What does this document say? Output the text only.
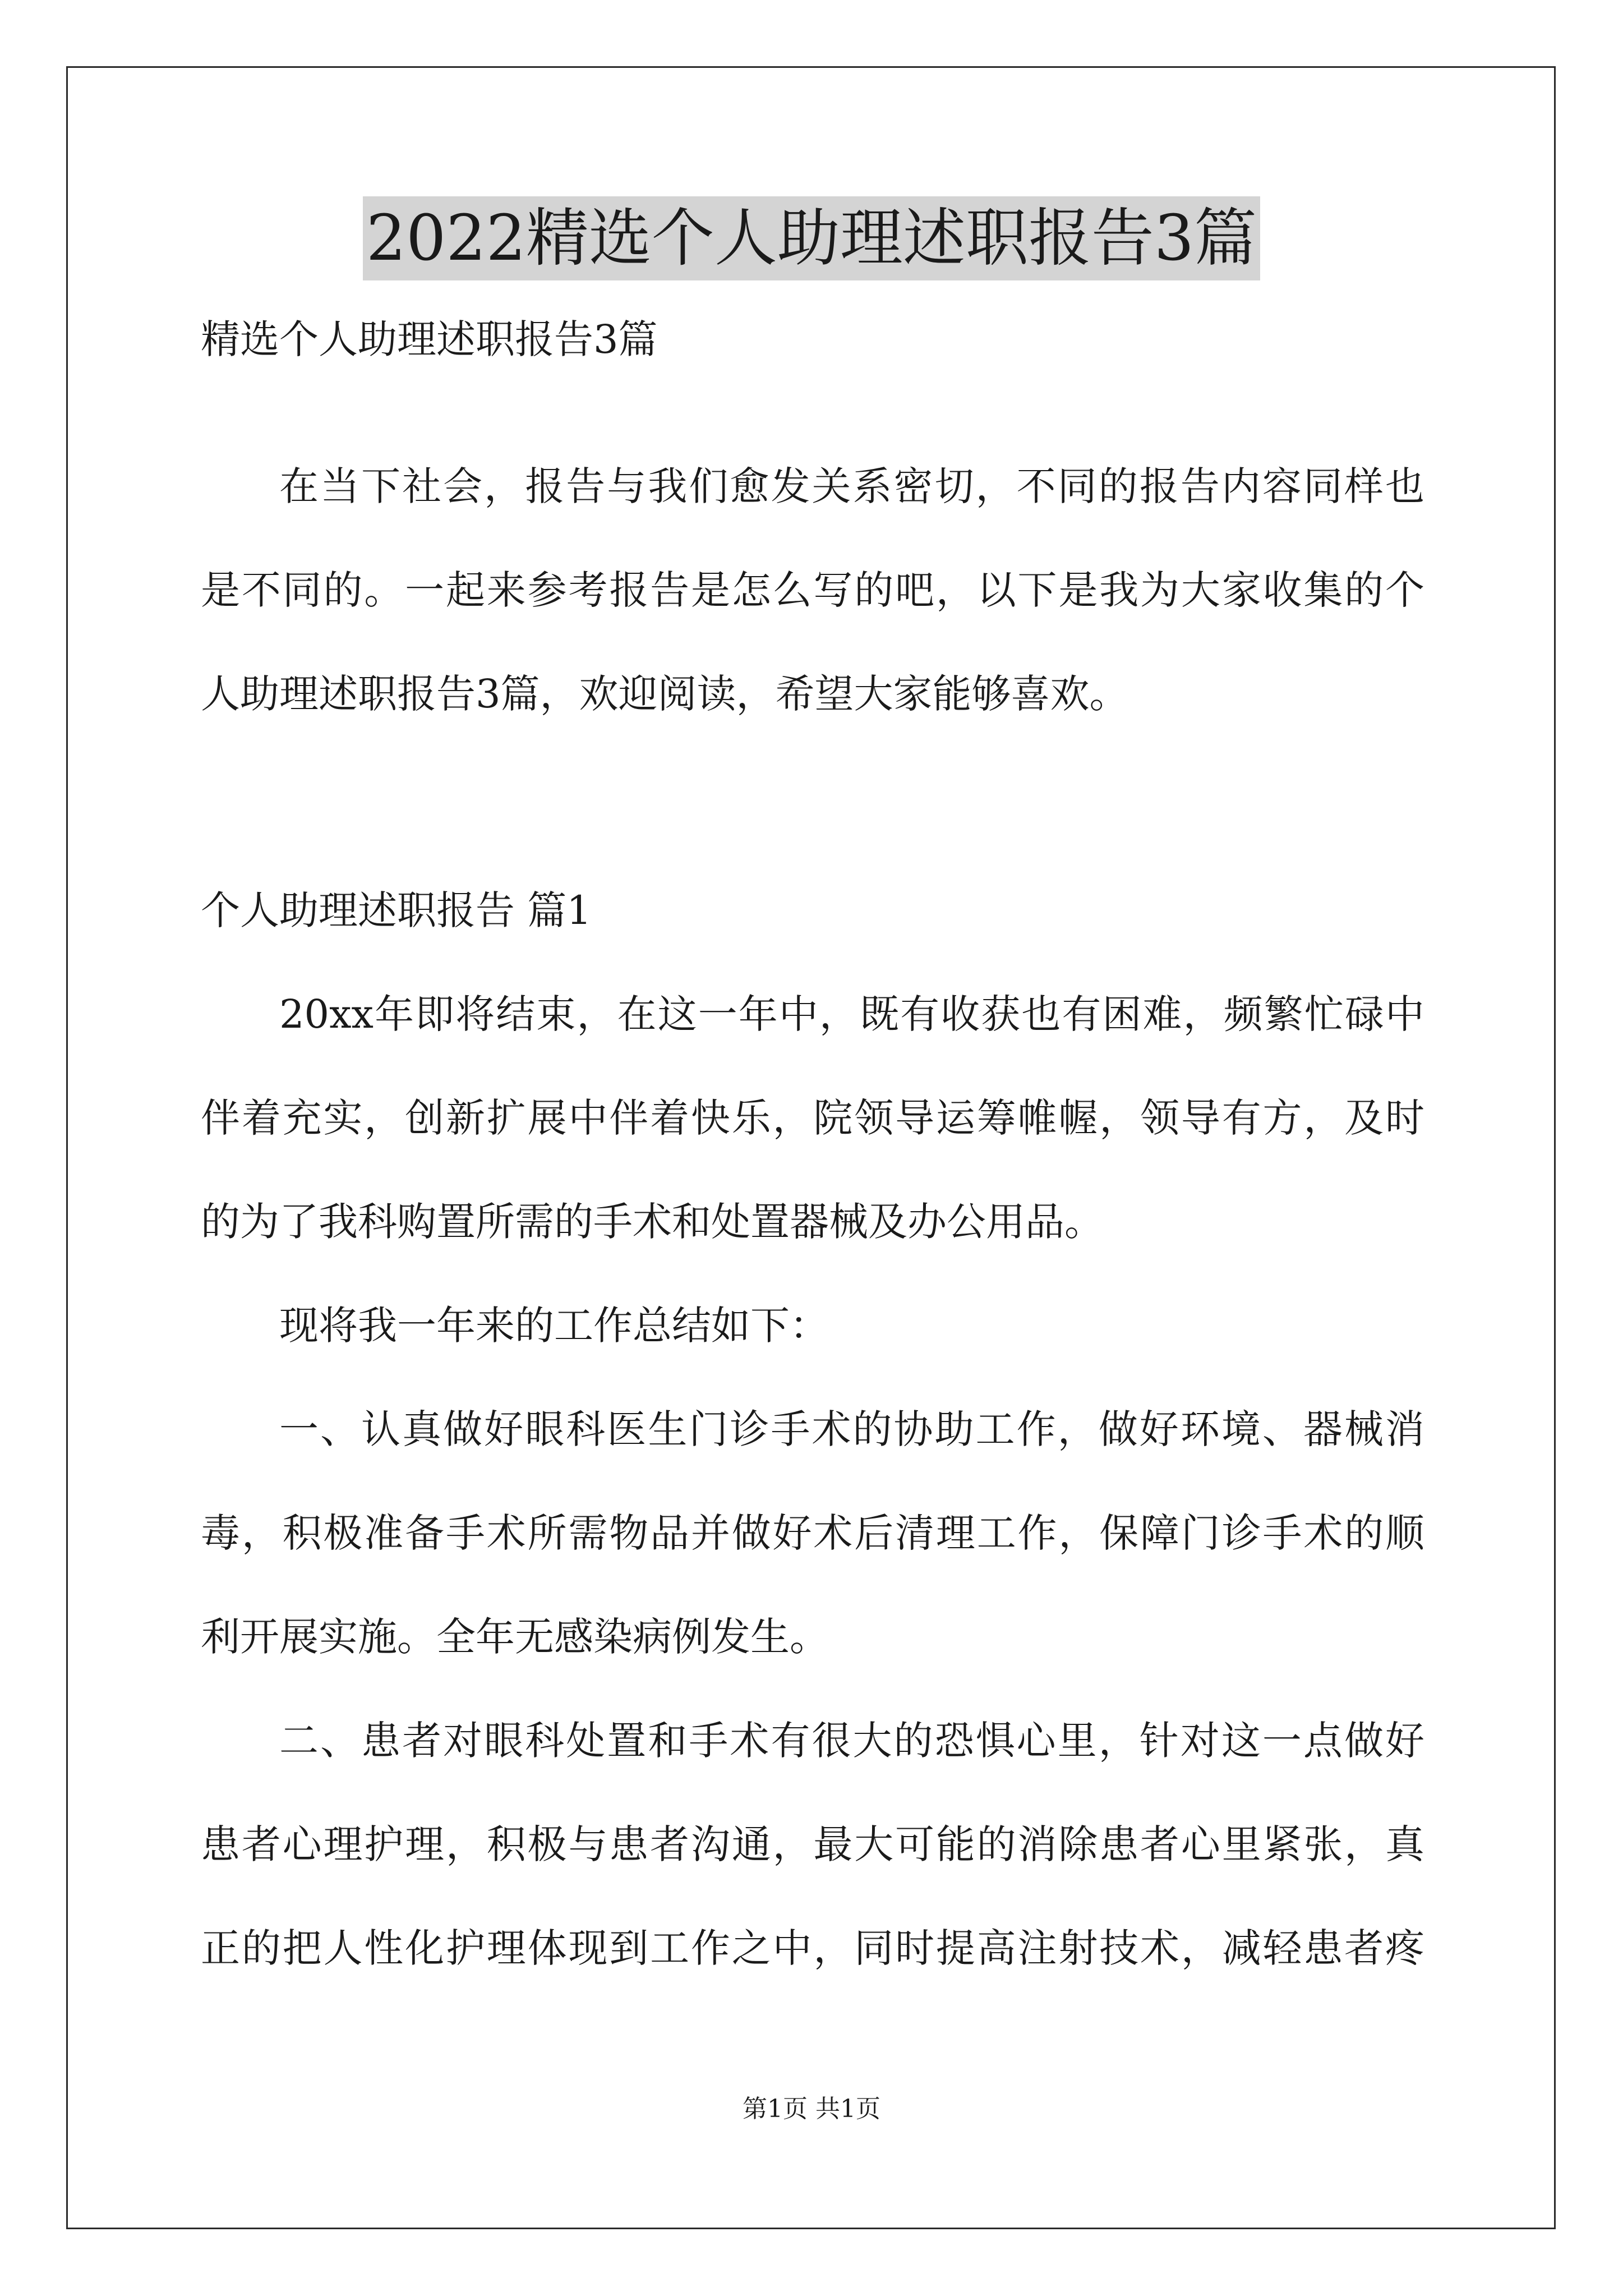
2022精选个人助理述职报告3篇
精选个人助理述职报告3篇
在当下社会，报告与我们愈发关系密切，不同的报告内容同样也
是不同的。一起来参考报告是怎么写的吧，以下是我为大家收集的个
人助理述职报告3篇，欢迎阅读，希望大家能够喜欢。
个人助理述职报告 篇1
20xx年即将结束，在这一年中，既有收获也有困难，频繁忙碌中
伴着充实，创新扩展中伴着快乐，院领导运筹帷幄，领导有方，及时
的为了我科购置所需的手术和处置器械及办公用品。
现将我一年来的工作总结如下：
一、认真做好眼科医生门诊手术的协助工作，做好环境、器械消
毒，积极准备手术所需物品并做好术后清理工作，保障门诊手术的顺
利开展实施。全年无感染病例发生。
二、患者对眼科处置和手术有很大的恐惧心里，针对这一点做好
患者心理护理，积极与患者沟通，最大可能的消除患者心里紧张，真
正的把人性化护理体现到工作之中，同时提高注射技术，减轻患者疼
第1页 共1页
